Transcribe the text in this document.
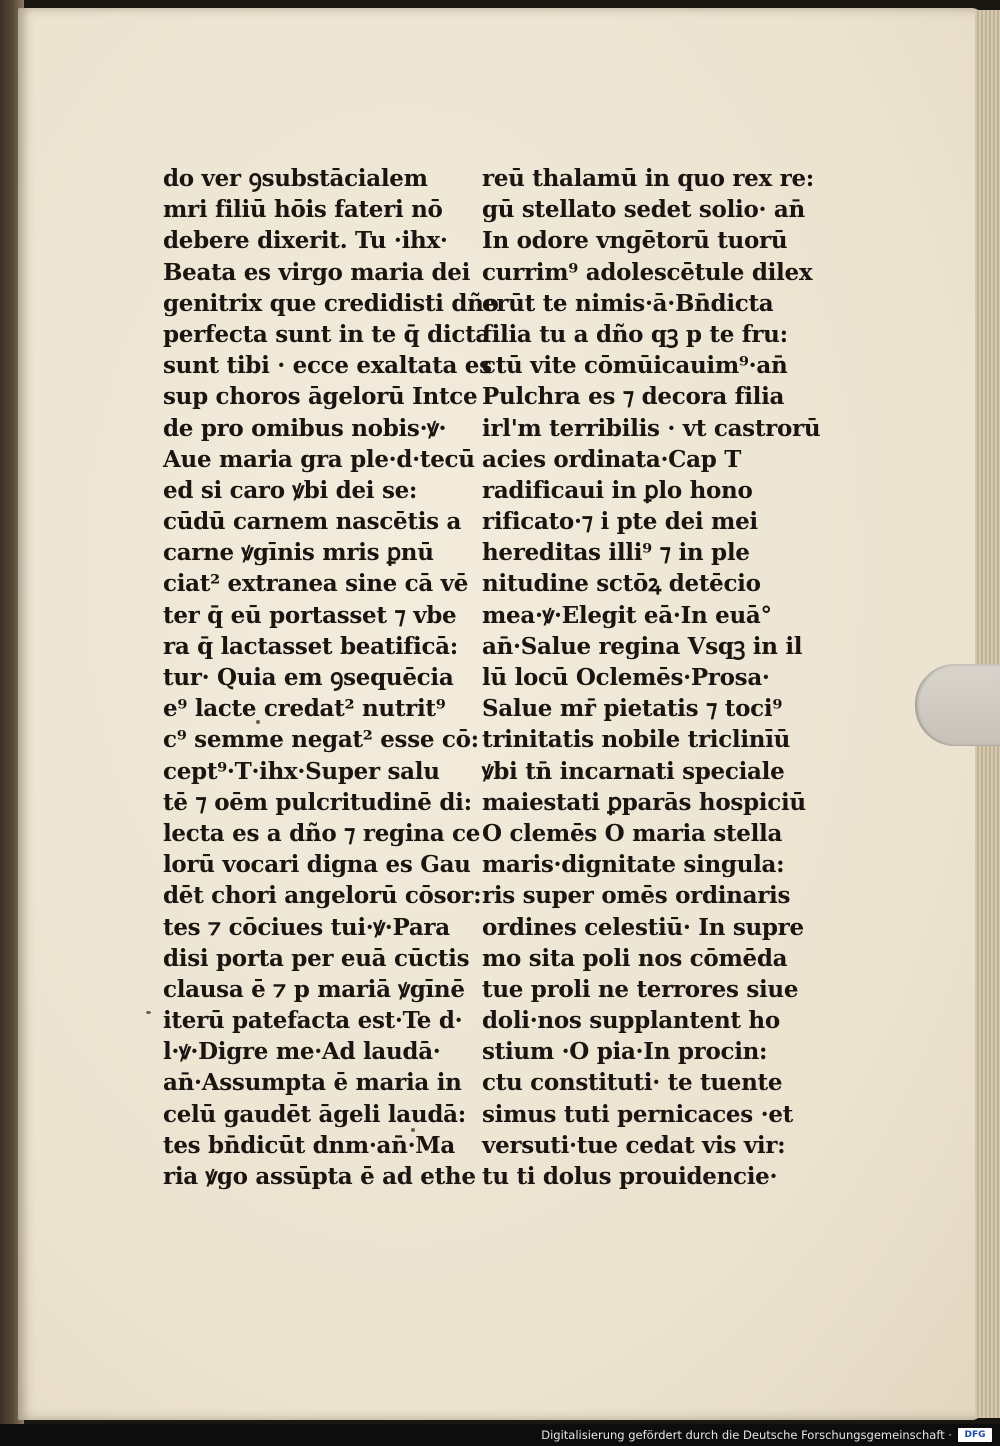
do ver ꝯsubstācialem
mri filiū hōis fateri nō
debere dixerit. Tu ·ihx·
Beata es virgo maria dei
genitrix que credidisti dño
perfecta sunt in te q̄ dicta
sunt tibi · ecce exaltata es
sup choros āgelorū Intce
de pro omibus nobis·ꝟ·
Aue maria gra ple·d·tecū
ed si caro ꝟbi dei se:
cūdū carnem nascētis a
carne ꝟgīnis mris ꝑnū
ciat² extranea sine cā vē
ter q̄ eū portasset ⁊ vbe
ra q̄ lactasset beatificā:
tur· Quia em ꝯsequēcia
e⁹ lacte credat² nutrit⁹
c⁹ semme negat² esse cō:
cept⁹·T·ihx·Super salu
tē ⁊ oēm pulcritudinē di:
lecta es a dño ⁊ regina ce
lorū vocari digna es Gau
dēt chori angelorū cōsor:
tes ⁊ cōciues tui·ꝟ·Para
disi porta per euā cūctis
clausa ē ⁊ p mariā ꝟgīnē
iterū patefacta est·Te d·
l·ꝟ·Digre me·Ad laudā·
an̄·Assumpta ē maria in
celū gaudēt āgeli laudā:
tes bn̄dicūt dnm·an̄·Ma
ria ꝟgo assūpta ē ad ethe
reū thalamū in quo rex re:
gū stellato sedet solio· an̄
In odore vngētorū tuorū
currim⁹ adolescētule dilex
erūt te nimis·ā·Bn̄dicta
filia tu a dño qꝫ p te fru:
ctū vite cōmūicauim⁹·an̄
Pulchra es ⁊ decora filia
irl'm terribilis · vt castrorū
acies ordinata·Cap T
radificaui in ꝑlo hono
rificato·⁊ i pte dei mei
hereditas illi⁹ ⁊ in ple
nitudine sctōꝝ detēcio
mea·ꝟ·Elegit eā·In euā°
an̄·Salue regina Vsqꝫ in il
lū locū Oclemēs·Prosa·
Salue mr̄ pietatis ⁊ toci⁹
trinitatis nobile triclinīū
ꝟbi tn̄ incarnati speciale
maiestati ꝑparās hospiciū
O clemēs O maria stella
maris·dignitate singula:
ris super omēs ordinaris
ordines celestiū· In supre
mo sita poli nos cōmēda
tue proli ne terrores siue
doli·nos supplantent ho
stium ·O pia·In procin:
ctu constituti· te tuente
simus tuti pernicaces ·et
versuti·tue cedat vis vir:
tu ti dolus prouidencie·
Digitalisierung gefördert durch die Deutsche Forschungsgemeinschaft ·	DFG
